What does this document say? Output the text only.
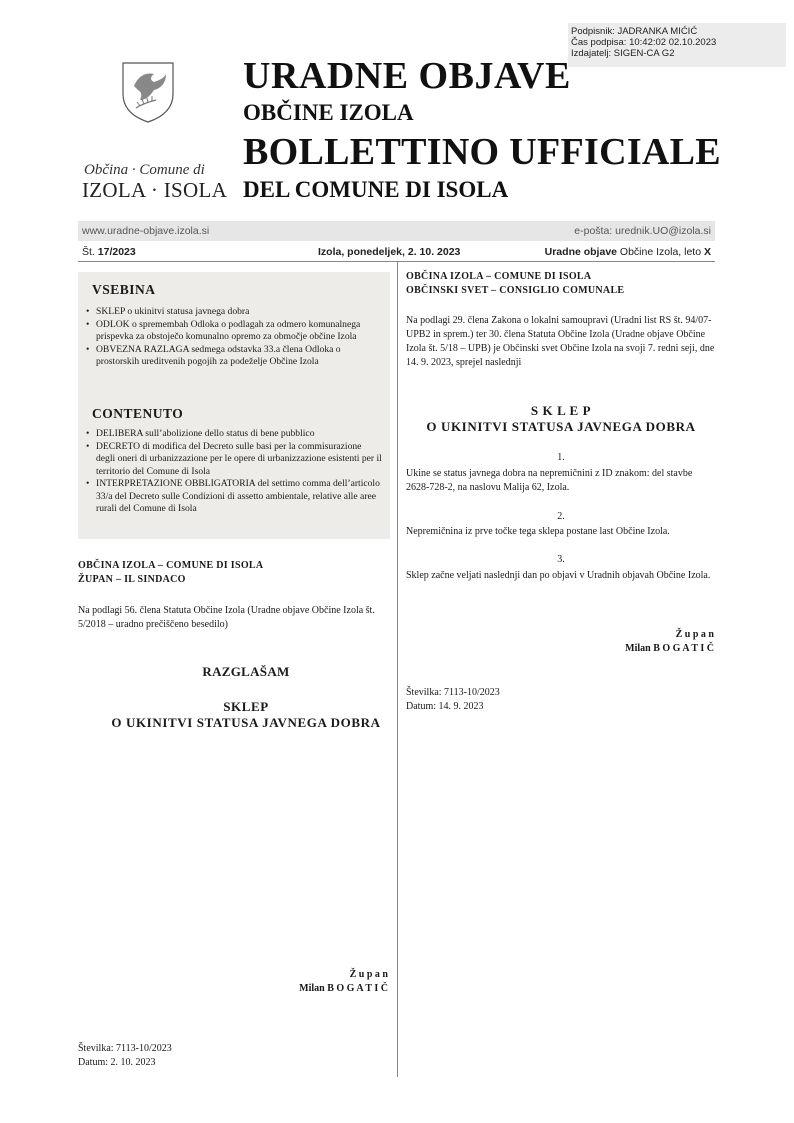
Podpisnik: JADRANKA MIĆIĆ
Čas podpisa: 10:42:02 02.10.2023
Izdajatelj: SIGEN-CA G2
Občina · Comune di
IZOLA · ISOLA
URADNE OBJAVE
OBČINE IZOLA
BOLLETTINO UFFICIALE
DEL COMUNE DI ISOLA
www.uradne-objave.izola.si	e-pošta: urednik.UO@izola.si
Št. 17/2023	Izola, ponedeljek, 2. 10. 2023	Uradne objave Občine Izola, leto X
VSEBINA
• SKLEP o ukinitvi statusa javnega dobra
• ODLOK o spremembah Odloka o podlagah za odmero komunalnega prispevka za obstoječo komunalno opremo za območje občine Izola
• OBVEZNA RAZLAGA sedmega odstavka 33.a člena Odloka o prostorskih ureditvenih pogojih za podeželje Občine Izola
CONTENUTO
• DELIBERA sull’abolizione dello status di bene pubblico
• DECRETO di modifica del Decreto sulle basi per la commisurazione degli oneri di urbanizzazione per le opere di urbanizzazione esistenti per il territorio del Comune di Isola
• INTERPRETAZIONE OBBLIGATORIA del settimo comma dell’articolo 33/a del Decreto sulle Condizioni di assetto ambientale, relative alle aree rurali del Comune di Isola
OBČINA IZOLA – COMUNE DI ISOLA
ŽUPAN – IL SINDACO
Na podlagi 56. člena Statuta Občine Izola (Uradne objave Občine Izola št. 5/2018 – uradno prečiščeno besedilo)
RAZGLAŠAM
SKLEP
O UKINITVI STATUSA JAVNEGA DOBRA
Ž u p a n
Milan B O G A T I Č
Številka: 7113-10/2023
Datum: 2. 10. 2023
OBČINA IZOLA – COMUNE DI ISOLA
OBČINSKI SVET – CONSIGLIO COMUNALE
Na podlagi 29. člena Zakona o lokalni samoupravi (Uradni list RS št. 94/07-UPB2 in sprem.) ter 30. člena Statuta Občine Izola (Uradne objave Občine Izola št. 5/18 – UPB) je Občinski svet Občine Izola na svoji 7. redni seji, dne 14. 9. 2023, sprejel naslednji
S K L E P
O UKINITVI STATUSA JAVNEGA DOBRA
1.
Ukine se status javnega dobra na nepremičnini z ID znakom: del stavbe 2628-728-2, na naslovu Malija 62, Izola.
2.
Nepremičnina iz prve točke tega sklepa postane last Občine Izola.
3.
Sklep začne veljati naslednji dan po objavi v Uradnih objavah Občine Izola.
Ž u p a n
Milan B O G A T I Č
Številka: 7113-10/2023
Datum: 14. 9. 2023
